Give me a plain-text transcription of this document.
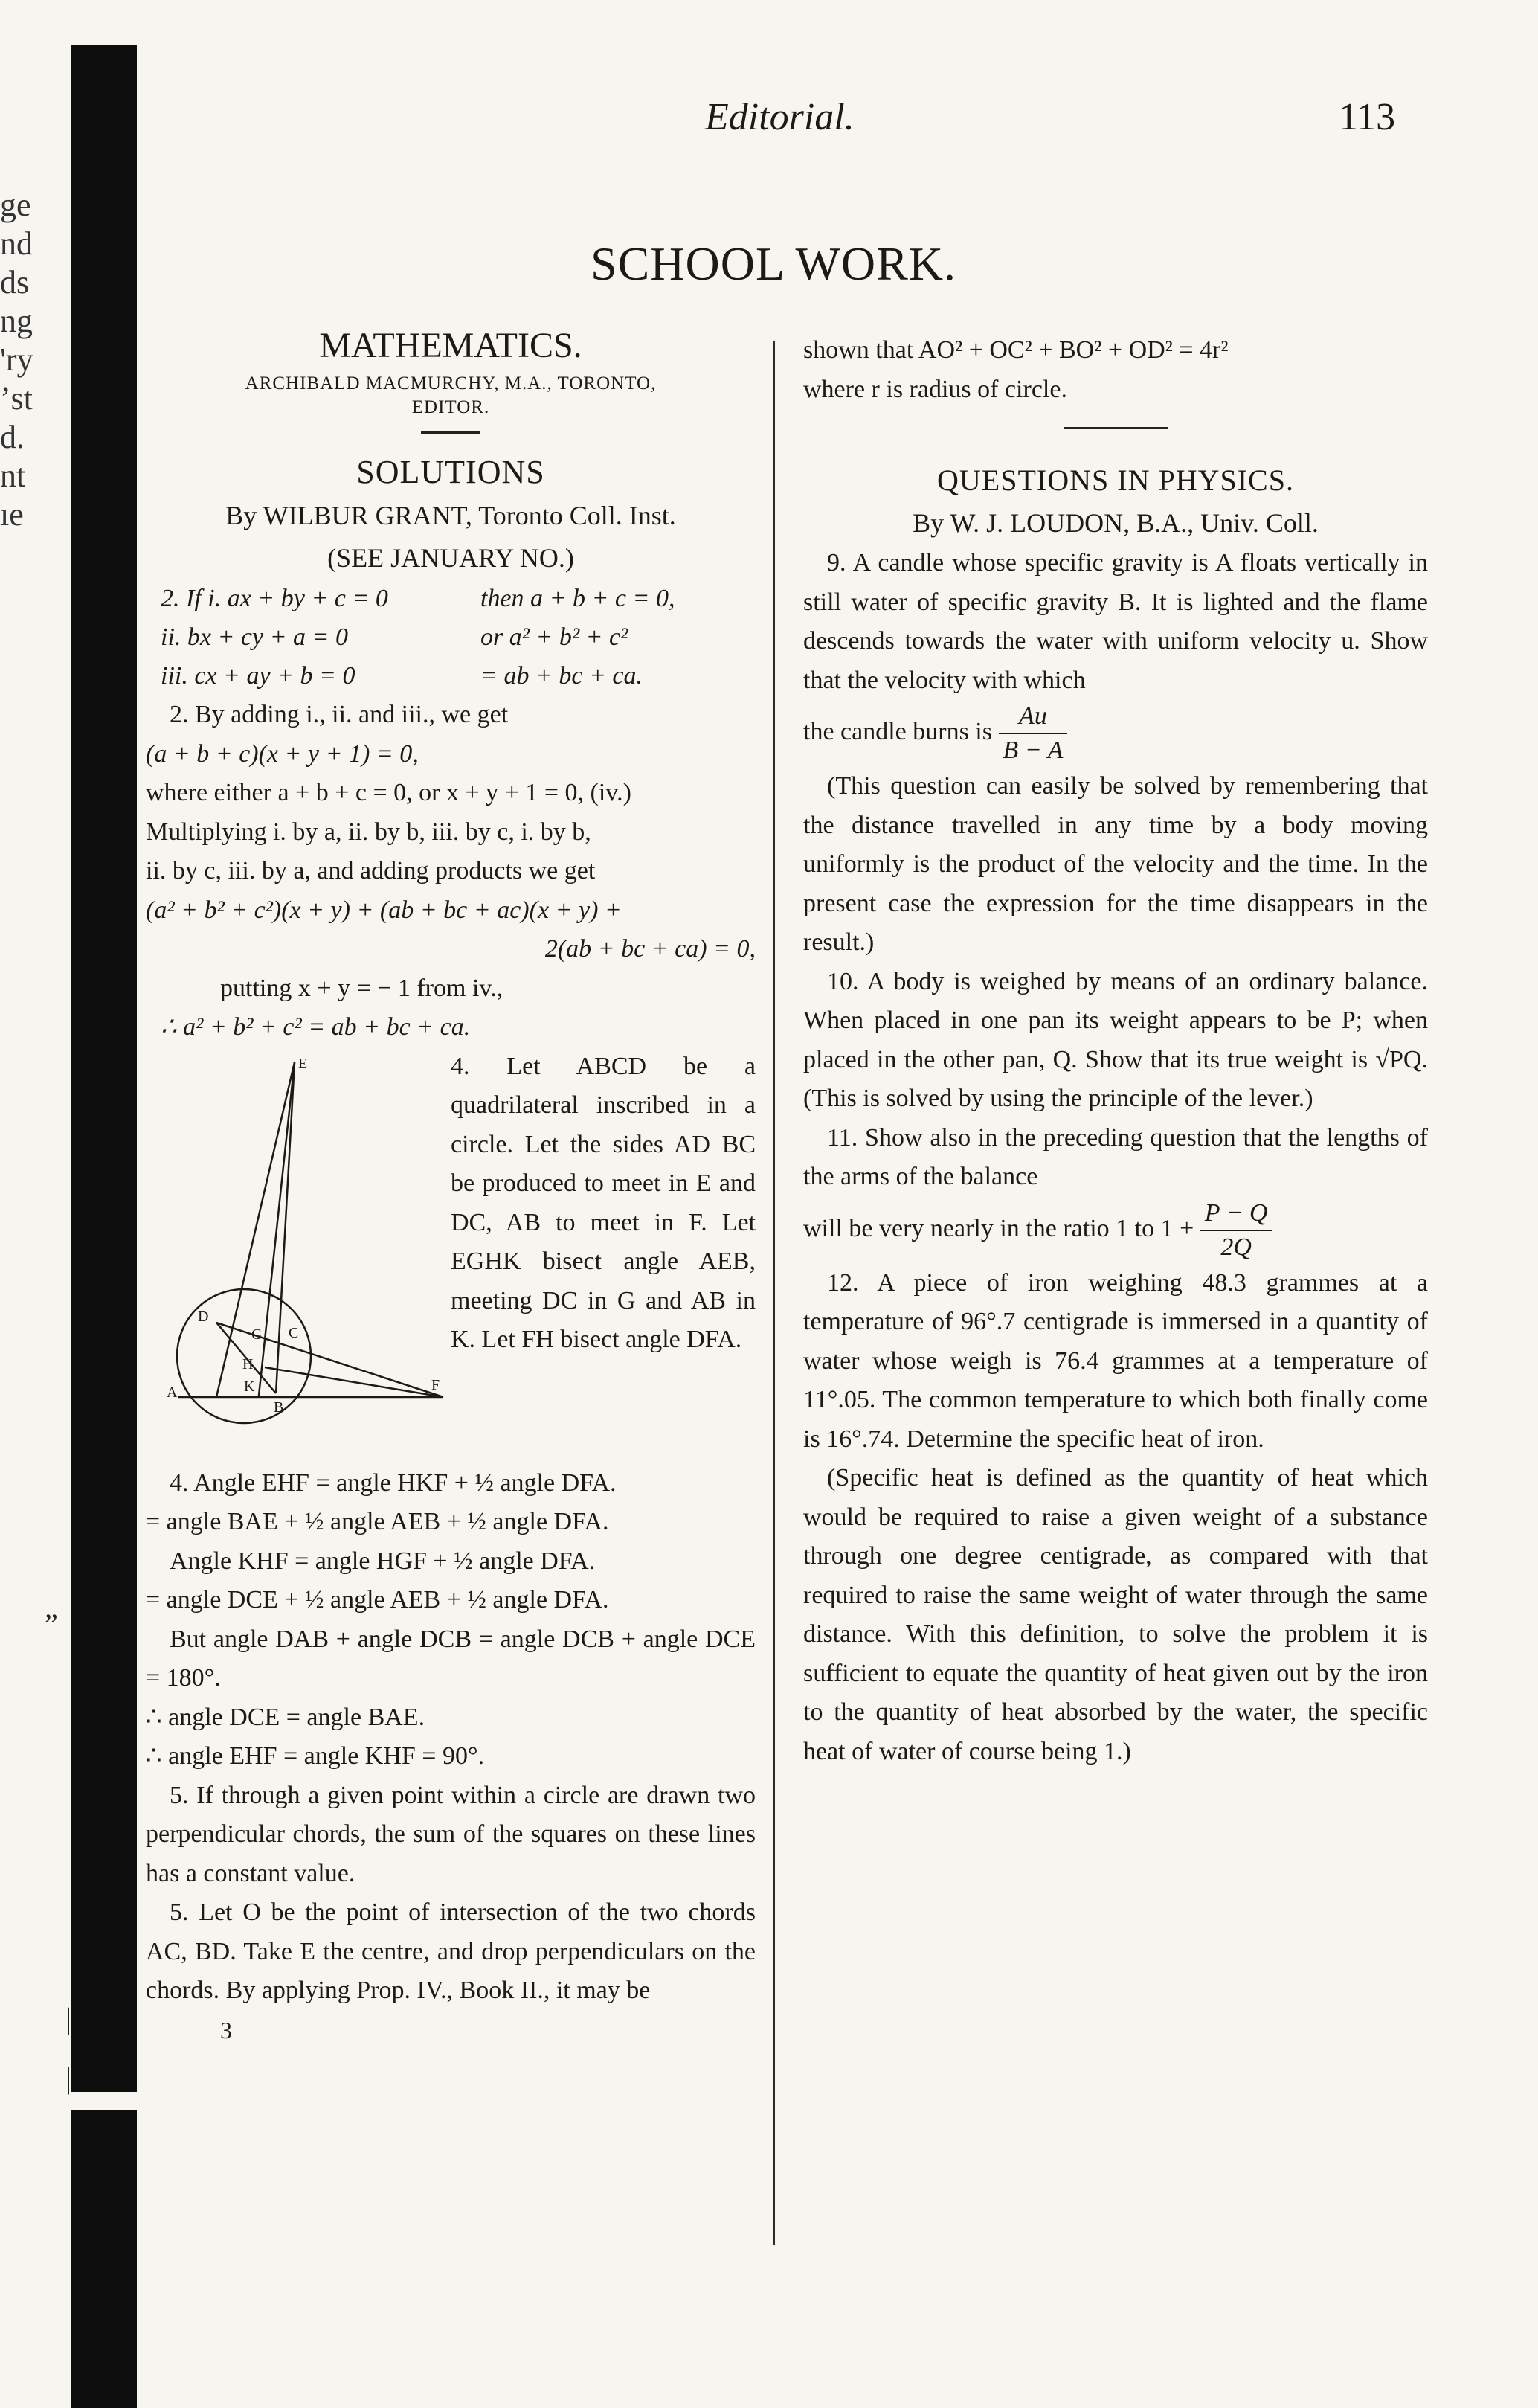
ge
nd
ds
ng
'ry
ʼst
d.
nt
ıe
”
|
|
Editorial.	113
SCHOOL WORK.

MATHEMATICS.

ARCHIBALD MACMURCHY, M.A., TORONTO,

EDITOR.

SOLUTIONS

By WILBUR GRANT, Toronto Coll. Inst.

(SEE JANUARY NO.)

2. If i. ax + by + c = 0	then a + b + c = 0,
ii. bx + cy + a = 0	or a² + b² + c²
iii. cx + ay + b = 0	= ab + bc + ca.

2. By adding i., ii. and iii., we get

(a + b + c)(x + y + 1) = 0,

where either a + b + c = 0, or x + y + 1 = 0, (iv.)

Multiplying i. by a, ii. by b, iii. by c, i. by b,

ii. by c, iii. by a, and adding products we get

(a² + b² + c²)(x + y) + (ab + bc + ac)(x + y) +

2(ab + bc + ca) = 0,

putting x + y = − 1 from iv.,

∴ a² + b² + c² = ab + bc + ca.

E
D
G C
H
K
A
B
F

4. Let ABCD be a quadrilateral inscribed in a circle. Let the sides AD BC be produced to meet in E and DC, AB to meet in F. Let EGHK bisect angle AEB, meeting DC in G and AB in K. Let FH bisect angle DFA.

4. Angle EHF = angle HKF + ½ angle DFA.

= angle BAE + ½ angle AEB + ½ angle DFA.

Angle KHF = angle HGF + ½ angle DFA.

= angle DCE + ½ angle AEB + ½ angle DFA.

But angle DAB + angle DCB = angle DCB + angle DCE = 180°.

∴ angle DCE = angle BAE.

∴ angle EHF = angle KHF = 90°.

5. If through a given point within a circle are drawn two perpendicular chords, the sum of the squares on these lines has a constant value.

5. Let O be the point of intersection of the two chords AC, BD. Take E the centre, and drop perpendiculars on the chords. By applying Prop. IV., Book II., it may be

3

shown that AO² + OC² + BO² + OD² = 4r²

where r is radius of circle.

QUESTIONS IN PHYSICS.

By W. J. LOUDON, B.A., Univ. Coll.

9. A candle whose specific gravity is A floats vertically in still water of specific gravity B. It is lighted and the flame descends towards the water with uniform velocity u. Show that the velocity with which

the candle burns is $\frac{Au}{B - A}$

(This question can easily be solved by remembering that the distance travelled in any time by a body moving uniformly is the product of the velocity and the time. In the present case the expression for the time disappears in the result.)

10. A body is weighed by means of an ordinary balance. When placed in one pan its weight appears to be P; when placed in the other pan, Q. Show that its true weight is √PQ. (This is solved by using the principle of the lever.)

11. Show also in the preceding question that the lengths of the arms of the balance

will be very nearly in the ratio 1 to $1 + \frac{P - Q}{2Q}$

12. A piece of iron weighing 48.3 grammes at a temperature of 96°.7 centigrade is immersed in a quantity of water whose weigh is 76.4 grammes at a temperature of 11°.05. The common temperature to which both finally come is 16°.74. Determine the specific heat of iron.

(Specific heat is defined as the quantity of heat which would be required to raise a given weight of a substance through one degree centigrade, as compared with that required to raise the same weight of water through the same distance. With this definition, to solve the problem it is sufficient to equate the quantity of heat given out by the iron to the quantity of heat absorbed by the water, the specific heat of water of course being 1.)
